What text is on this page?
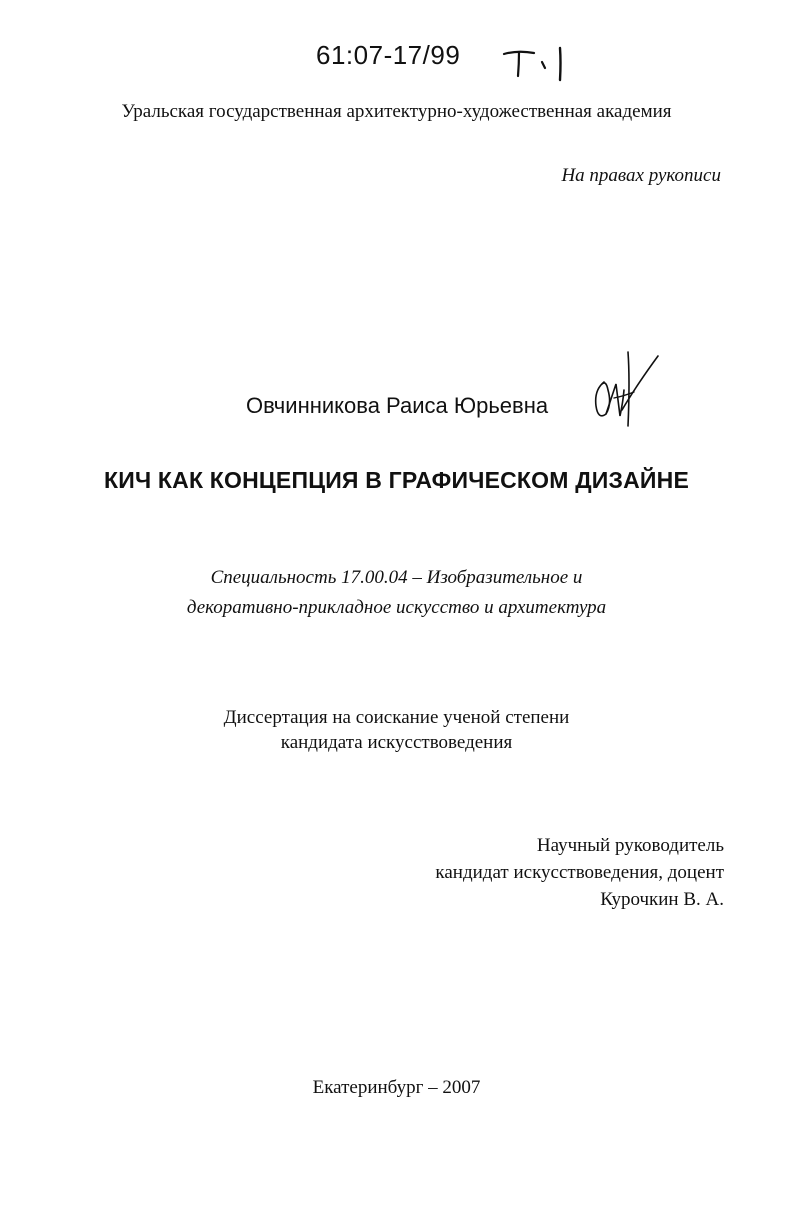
61:07-17/99
Уральская государственная архитектурно-художественная академия
На правах рукописи
Овчинникова Раиса Юрьевна
КИЧ КАК КОНЦЕПЦИЯ В ГРАФИЧЕСКОМ ДИЗАЙНЕ
Специальность 17.00.04 – Изобразительное и
декоративно-прикладное искусство и архитектура
Диссертация на соискание ученой степени
кандидата искусствоведения
Научный руководитель
кандидат искусствоведения, доцент
Курочкин В. А.
Екатеринбург – 2007
